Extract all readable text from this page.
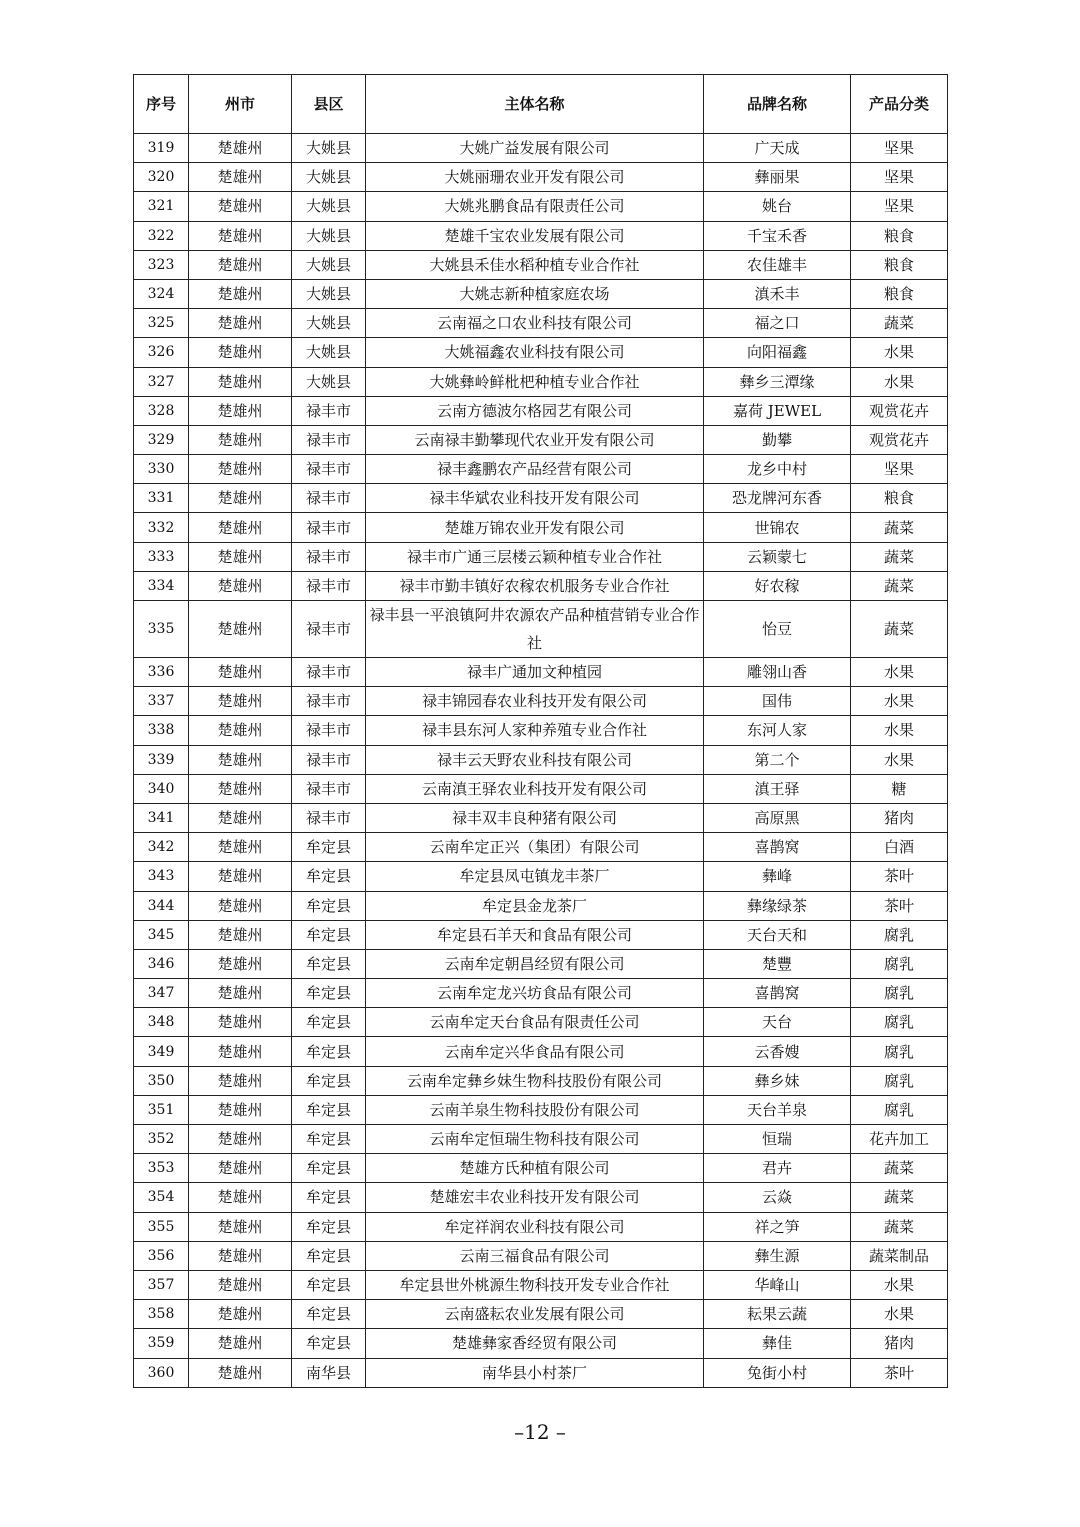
序号	州市	县区	主体名称	品牌名称	产品分类
319	楚雄州	大姚县	大姚广益发展有限公司	广天成	坚果
320	楚雄州	大姚县	大姚丽珊农业开发有限公司	彝丽果	坚果
321	楚雄州	大姚县	大姚兆鹏食品有限责任公司	姚台	坚果
322	楚雄州	大姚县	楚雄千宝农业发展有限公司	千宝禾香	粮食
323	楚雄州	大姚县	大姚县禾佳水稻种植专业合作社	农佳雄丰	粮食
324	楚雄州	大姚县	大姚志新种植家庭农场	滇禾丰	粮食
325	楚雄州	大姚县	云南福之口农业科技有限公司	福之口	蔬菜
326	楚雄州	大姚县	大姚福鑫农业科技有限公司	向阳福鑫	水果
327	楚雄州	大姚县	大姚彝岭鲜枇杷种植专业合作社	彝乡三潭缘	水果
328	楚雄州	禄丰市	云南方德波尔格园艺有限公司	嘉荷 JEWEL	观赏花卉
329	楚雄州	禄丰市	云南禄丰勤攀现代农业开发有限公司	勤攀	观赏花卉
330	楚雄州	禄丰市	禄丰鑫鹏农产品经营有限公司	龙乡中村	坚果
331	楚雄州	禄丰市	禄丰华斌农业科技开发有限公司	恐龙牌河东香	粮食
332	楚雄州	禄丰市	楚雄万锦农业开发有限公司	世锦农	蔬菜
333	楚雄州	禄丰市	禄丰市广通三层楼云颖种植专业合作社	云颖蒙七	蔬菜
334	楚雄州	禄丰市	禄丰市勤丰镇好农稼农机服务专业合作社	好农稼	蔬菜
335	楚雄州	禄丰市	禄丰县一平浪镇阿井农源农产品种植营销专业合作社	怡豆	蔬菜
336	楚雄州	禄丰市	禄丰广通加文种植园	雕翎山香	水果
337	楚雄州	禄丰市	禄丰锦园春农业科技开发有限公司	国伟	水果
338	楚雄州	禄丰市	禄丰县东河人家种养殖专业合作社	东河人家	水果
339	楚雄州	禄丰市	禄丰云天野农业科技有限公司	第二个	水果
340	楚雄州	禄丰市	云南滇王驿农业科技开发有限公司	滇王驿	糖
341	楚雄州	禄丰市	禄丰双丰良种猪有限公司	高原黑	猪肉
342	楚雄州	牟定县	云南牟定正兴（集团）有限公司	喜鹊窝	白酒
343	楚雄州	牟定县	牟定县凤屯镇龙丰茶厂	彝峰	茶叶
344	楚雄州	牟定县	牟定县金龙茶厂	彝缘绿茶	茶叶
345	楚雄州	牟定县	牟定县石羊天和食品有限公司	天台天和	腐乳
346	楚雄州	牟定县	云南牟定朝昌经贸有限公司	楚豐	腐乳
347	楚雄州	牟定县	云南牟定龙兴坊食品有限公司	喜鹊窝	腐乳
348	楚雄州	牟定县	云南牟定天台食品有限责任公司	天台	腐乳
349	楚雄州	牟定县	云南牟定兴华食品有限公司	云香嫂	腐乳
350	楚雄州	牟定县	云南牟定彝乡妹生物科技股份有限公司	彝乡妹	腐乳
351	楚雄州	牟定县	云南羊泉生物科技股份有限公司	天台羊泉	腐乳
352	楚雄州	牟定县	云南牟定恒瑞生物科技有限公司	恒瑞	花卉加工
353	楚雄州	牟定县	楚雄方氏种植有限公司	君卉	蔬菜
354	楚雄州	牟定县	楚雄宏丰农业科技开发有限公司	云焱	蔬菜
355	楚雄州	牟定县	牟定祥润农业科技有限公司	祥之笋	蔬菜
356	楚雄州	牟定县	云南三福食品有限公司	彝生源	蔬菜制品
357	楚雄州	牟定县	牟定县世外桃源生物科技开发专业合作社	华峰山	水果
358	楚雄州	牟定县	云南盛耘农业发展有限公司	耘果云蔬	水果
359	楚雄州	牟定县	楚雄彝家香经贸有限公司	彝佳	猪肉
360	楚雄州	南华县	南华县小村茶厂	兔街小村	茶叶
–12 –
